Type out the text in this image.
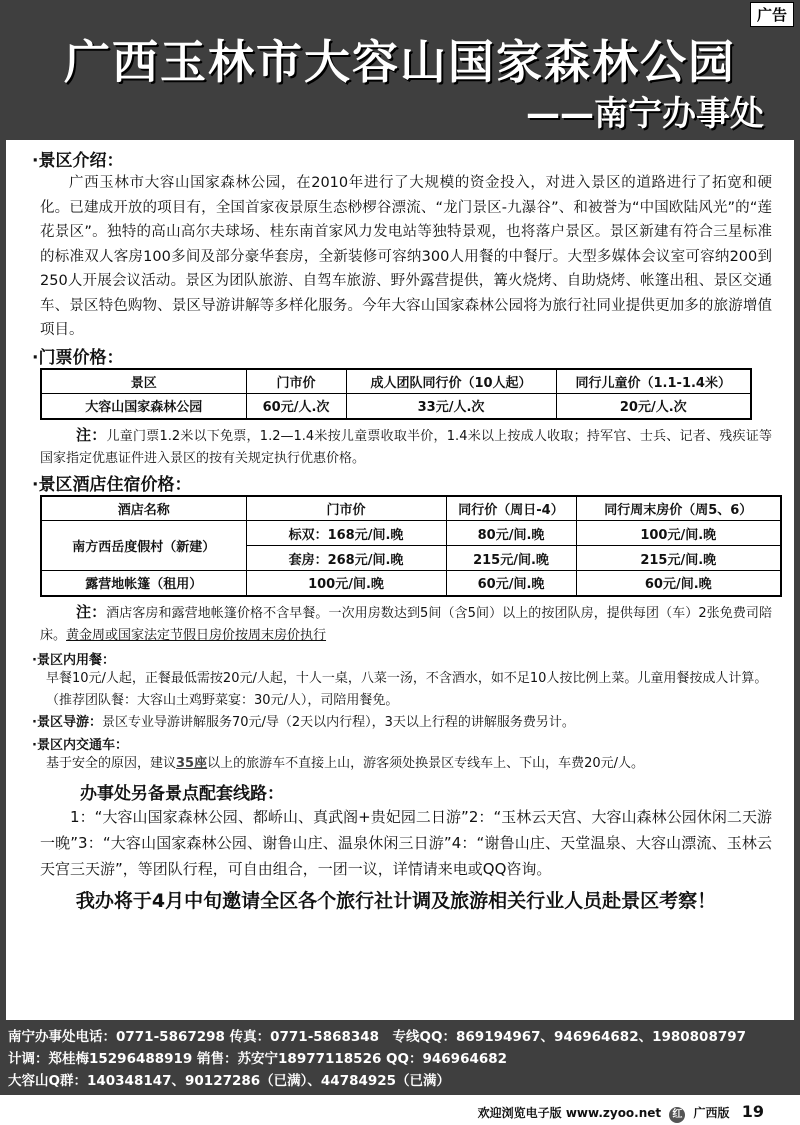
广告
广西玉林市大容山国家森林公园
——南宁办事处
·景区介绍：

广西玉林市大容山国家森林公园，在2010年进行了大规模的资金投入，对进入景区的道路进行了拓宽和硬化。已建成开放的项目有，全国首家夜景原生态桫椤谷漂流、“龙门景区-九瀑谷”、和被誉为“中国欧陆风光”的“莲花景区”。独特的高山高尔夫球场、桂东南首家风力发电站等独特景观，也将落户景区。景区新建有符合三星标准的标准双人客房100多间及部分豪华套房，全新装修可容纳300人用餐的中餐厅。大型多媒体会议室可容纳200到250人开展会议活动。景区为团队旅游、自驾车旅游、野外露营提供，篝火烧烤、自助烧烤、帐篷出租、景区交通车、景区特色购物、景区导游讲解等多样化服务。今年大容山国家森林公园将为旅行社同业提供更加多的旅游增值项目。

·门票价格：
景区	门市价	成人团队同行价（10人起）	同行儿童价（1.1-1.4米）
大容山国家森林公园	60元/人.次	33元/人.次	20元/人.次

注：儿童门票1.2米以下免票，1.2—1.4米按儿童票收取半价，1.4米以上按成人收取；持军官、士兵、记者、残疾证等国家指定优惠证件进入景区的按有关规定执行优惠价格。

·景区酒店住宿价格：
酒店名称	门市价	同行价（周日-4）	同行周末房价（周5、6）
南方西岳度假村（新建）	标双：168元/间.晚	80元/间.晚	100元/间.晚
	套房：268元/间.晚	215元/间.晚	215元/间.晚
露营地帐篷（租用）	100元/间.晚	60元/间.晚	60元/间.晚

注：酒店客房和露营地帐篷价格不含早餐。一次用房数达到5间（含5间）以上的按团队房，提供每团（车）2张免费司陪床。黄金周或国家法定节假日房价按周末房价执行

·景区内用餐：

早餐10元/人起，正餐最低需按20元/人起，十人一桌，八菜一汤，不含酒水，如不足10人按比例上菜。儿童用餐按成人计算。（推荐团队餐：大容山土鸡野菜宴：30元/人），司陪用餐免。

·景区导游：景区专业导游讲解服务70元/导（2天以内行程），3天以上行程的讲解服务费另计。

·景区内交通车：

基于安全的原因，建议35座以上的旅游车不直接上山，游客须处换景区专线车上、下山，车费20元/人。

办事处另备景点配套线路：

1：“大容山国家森林公园、都峤山、真武阁+贵妃园二日游”2：“玉林云天宫、大容山森林公园休闲二天游一晚”3：“大容山国家森林公园、谢鲁山庄、温泉休闲三日游”4：“谢鲁山庄、天堂温泉、大容山漂流、玉林云天宫三天游”，等团队行程，可自由组合，一团一议，详情请来电或QQ咨询。

我办将于4月中旬邀请全区各个旅行社计调及旅游相关行业人员赴景区考察！
南宁办事处电话：0771-5867298 传真：0771-5868348　专线QQ：869194967、946964682、1980808797
计调：郑桂梅15296488919 销售：苏安宁18977118526 QQ：946964682
大容山Q群：140348147、90127286（已满）、44784925（已满）
欢迎浏览电子版 www.zyoo.net 红 广西版 19
